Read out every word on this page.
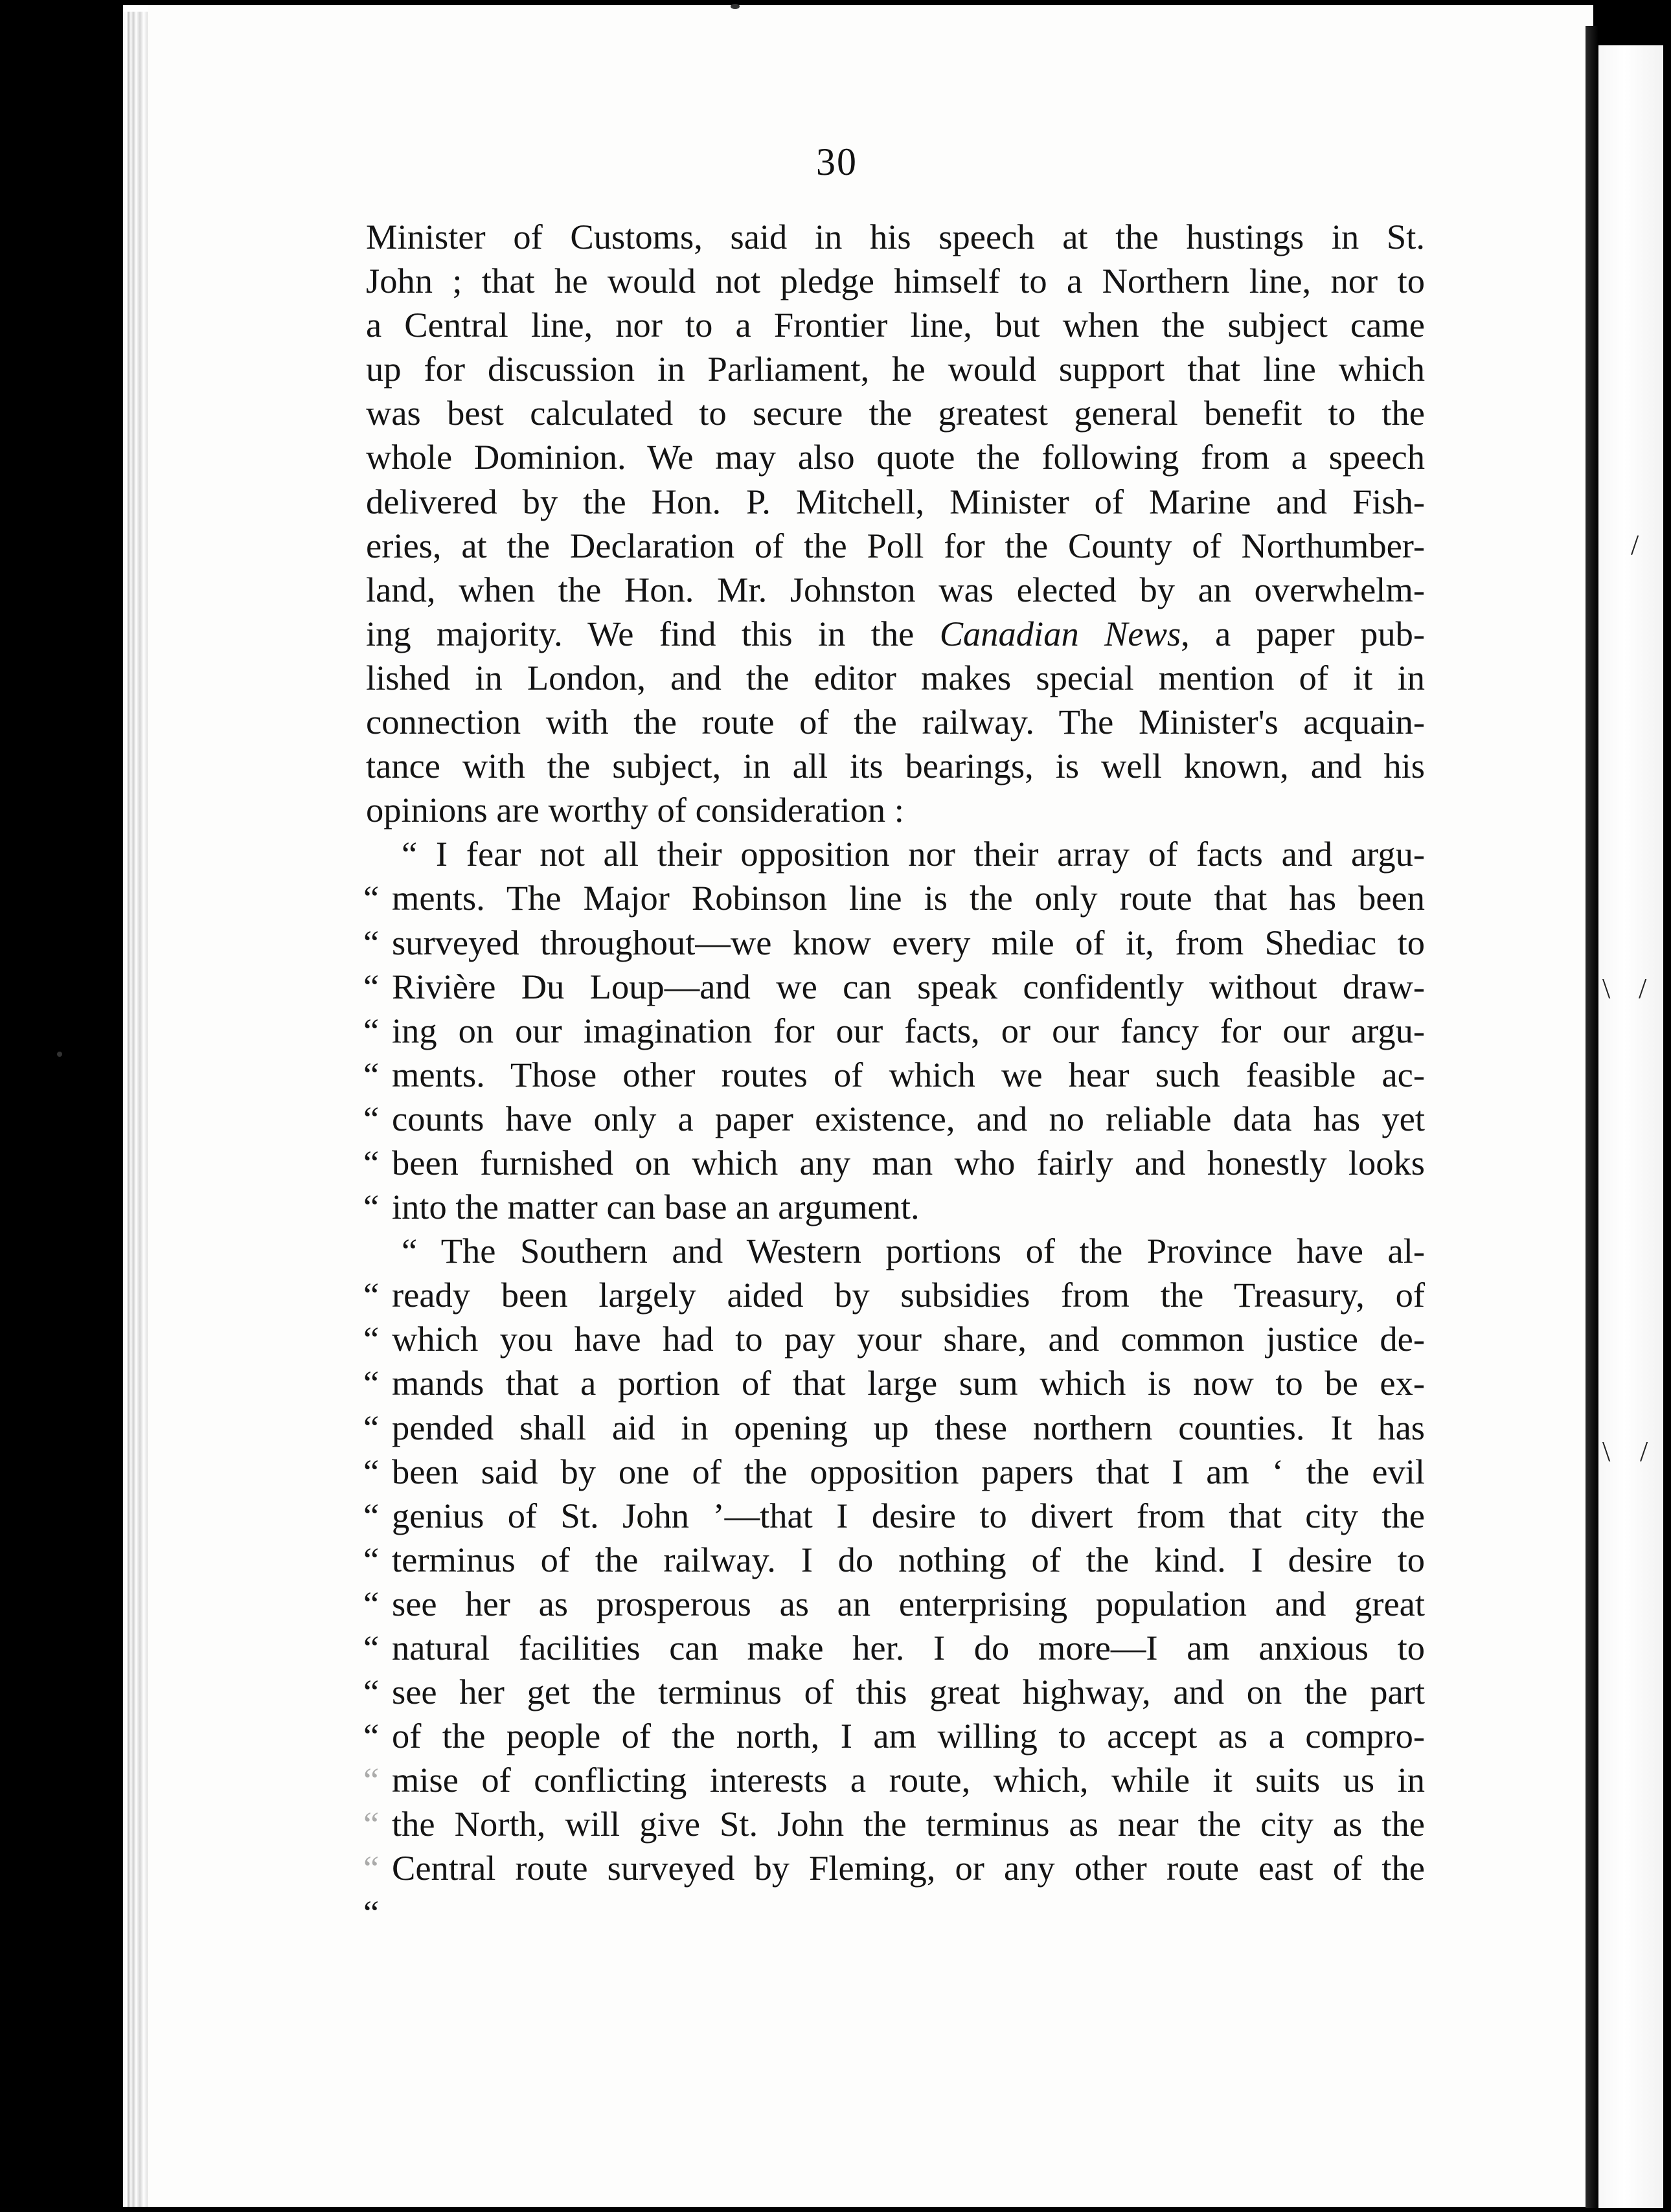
/
\ /
\ /
30
Minister of Customs, said in his speech at the hustings in St.
John ; that he would not pledge himself to a Northern line, nor to
a Central line, nor to a Frontier line, but when the subject came
up for discussion in Parliament, he would support that line which
was best calculated to secure the greatest general benefit to the
whole Dominion. We may also quote the following from a speech
delivered by the Hon. P. Mitchell, Minister of Marine and Fish-
eries, at the Declaration of the Poll for the County of Northumber-
land, when the Hon. Mr. Johnston was elected by an overwhelm-
ing majority. We find this in the Canadian News, a paper pub-
lished in London, and the editor makes special mention of it in
connection with the route of the railway. The Minister's acquain-
tance with the subject, in all its bearings, is well known, and his
opinions are worthy of consideration :
“ I fear not all their opposition nor their array of facts and argu-
“ ments. The Major Robinson line is the only route that has been
“ surveyed throughout—we know every mile of it, from Shediac to
“ Rivière Du Loup—and we can speak confidently without draw-
“ ing on our imagination for our facts, or our fancy for our argu-
“ ments. Those other routes of which we hear such feasible ac-
“ counts have only a paper existence, and no reliable data has yet
“ been furnished on which any man who fairly and honestly looks
“ into the matter can base an argument.
“ The Southern and Western portions of the Province have al-
“ ready been largely aided by subsidies from the Treasury, of
“ which you have had to pay your share, and common justice de-
“ mands that a portion of that large sum which is now to be ex-
“ pended shall aid in opening up these northern counties. It has
“ been said by one of the opposition papers that I am ‘ the evil
“ genius of St. John ’—that I desire to divert from that city the
“ terminus of the railway. I do nothing of the kind. I desire to
“ see her as prosperous as an enterprising population and great
“ natural facilities can make her. I do more—I am anxious to
“ see her get the terminus of this great highway, and on the part
“ of the people of the north, I am willing to accept as a compro-
“ mise of conflicting interests a route, which, while it suits us in
“ the North, will give St. John the terminus as near the city as the
“ Central route surveyed by Fleming, or any other route east of the
“
